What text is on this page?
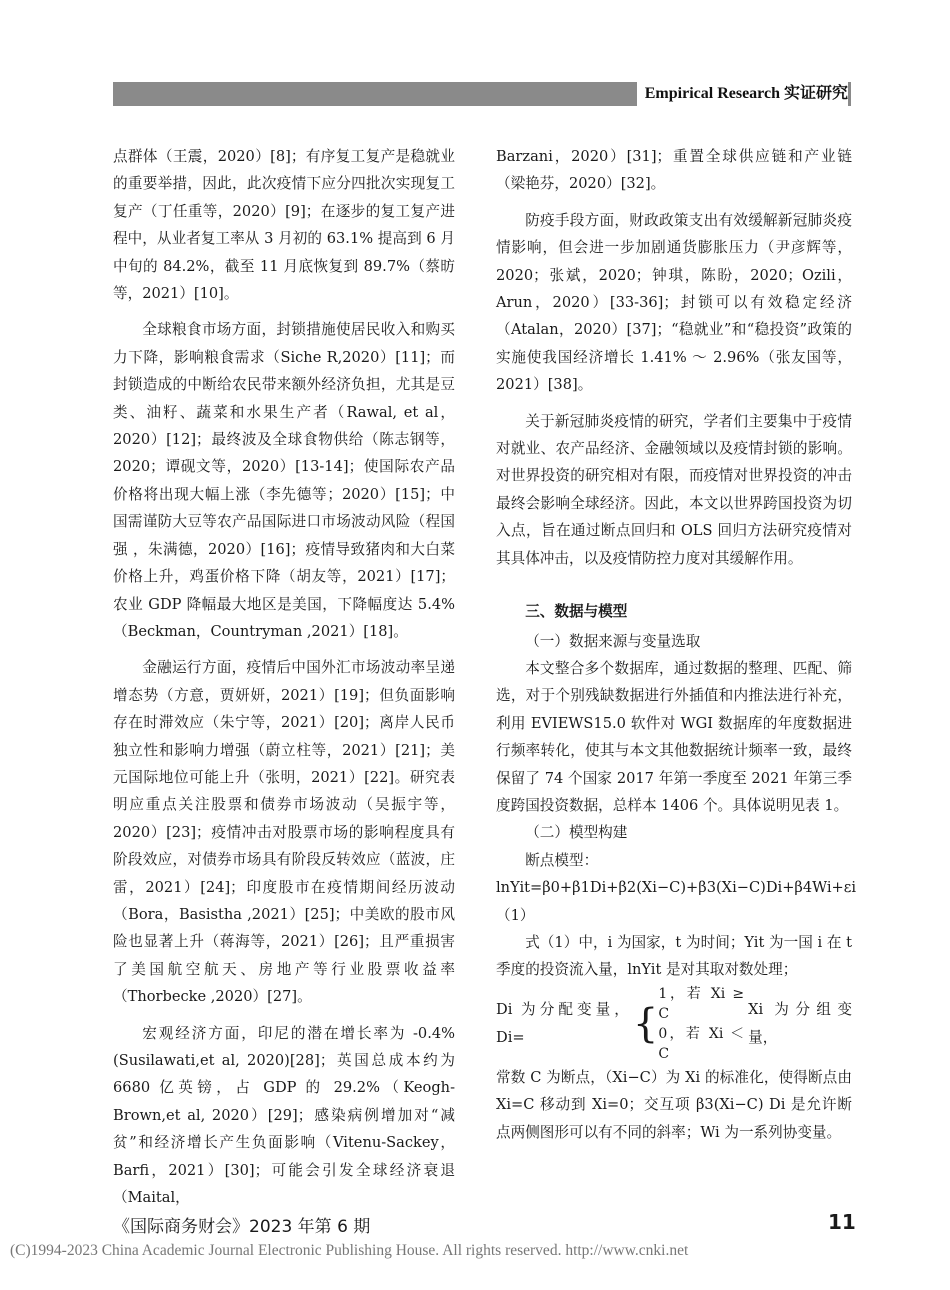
Empirical Research 实证研究

点群体（王震，2020）[8]；有序复工复产是稳就业的重要举措，因此，此次疫情下应分四批次实现复工复产（丁任重等，2020）[9]；在逐步的复工复产进程中，从业者复工率从 3 月初的 63.1% 提高到 6 月中旬的 84.2%，截至 11 月底恢复到 89.7%（蔡昉等，2021）[10]。

全球粮食市场方面，封锁措施使居民收入和购买力下降，影响粮食需求（Siche R,2020）[11]；而封锁造成的中断给农民带来额外经济负担，尤其是豆类、油籽、蔬菜和水果生产者（Rawal, et al，2020）[12]；最终波及全球食物供给（陈志钢等，2020；谭砚文等，2020）[13-14]；使国际农产品价格将出现大幅上涨（李先德等；2020）[15]；中国需谨防大豆等农产品国际进口市场波动风险（程国强 ，朱满德，2020）[16]；疫情导致猪肉和大白菜价格上升，鸡蛋价格下降（胡友等，2021）[17]；农业 GDP 降幅最大地区是美国，下降幅度达 5.4%（Beckman，Countryman ,2021）[18]。

金融运行方面，疫情后中国外汇市场波动率呈递增态势（方意，贾妍妍，2021）[19]；但负面影响存在时滞效应（朱宁等，2021）[20]；离岸人民币独立性和影响力增强（蔚立柱等，2021）[21]；美元国际地位可能上升（张明，2021）[22]。研究表明应重点关注股票和债券市场波动（吴振宇等，2020）[23]；疫情冲击对股票市场的影响程度具有阶段效应，对债券市场具有阶段反转效应（蓝波，庄雷，2021）[24]；印度股市在疫情期间经历波动（Bora，Basistha ,2021）[25]；中美欧的股市风险也显著上升（蒋海等，2021）[26]；且严重损害了美国航空航天、房地产等行业股票收益率（Thorbecke ,2020）[27]。

宏观经济方面，印尼的潜在增长率为 -0.4%(Susilawati,et al, 2020)[28]；英国总成本约为 6680 亿英镑，占 GDP 的 29.2%（Keogh-Brown,et al, 2020）[29]；感染病例增加对“减贫”和经济增长产生负面影响（Vitenu-Sackey，Barfi，2021）[30]；可能会引发全球经济衰退（Maital，

Barzani，2020）[31]；重置全球供应链和产业链（梁艳芬，2020）[32]。

防疫手段方面，财政政策支出有效缓解新冠肺炎疫情影响，但会进一步加剧通货膨胀压力（尹彦辉等，2020；张斌，2020；钟琪，陈盼，2020；Ozili，Arun，2020）[33-36]；封锁可以有效稳定经济（Atalan，2020）[37]；“稳就业”和“稳投资”政策的实施使我国经济增长 1.41% ～ 2.96%（张友国等，2021）[38]。

关于新冠肺炎疫情的研究，学者们主要集中于疫情对就业、农产品经济、金融领域以及疫情封锁的影响。对世界投资的研究相对有限，而疫情对世界投资的冲击最终会影响全球经济。因此，本文以世界跨国投资为切入点，旨在通过断点回归和 OLS 回归方法研究疫情对其具体冲击，以及疫情防控力度对其缓解作用。

三、数据与模型

（一）数据来源与变量选取

本文整合多个数据库，通过数据的整理、匹配、筛选，对于个别残缺数据进行外插值和内推法进行补充，利用 EVIEWS15.0 软件对 WGI 数据库的年度数据进行频率转化，使其与本文其他数据统计频率一致，最终保留了 74 个国家 2017 年第一季度至 2021 年第三季度跨国投资数据，总样本 1406 个。具体说明见表 1。

（二）模型构建

断点模型：

lnYit=β0+β1Di+β2(Xi−C)+β3(Xi−C)Di+β4Wi+εi（1）

式（1）中，i 为国家，t 为时间；Yit 为一国 i 在 t 季度的投资流入量，lnYit 是对其取对数处理；

Di 为分配变量，Di=	{
1，若 Xi ≥ C
0，若 Xi ＜ C
Xi 为分组变量，

常数 C 为断点，（Xi−C）为 Xi 的标准化，使得断点由 Xi=C 移动到 Xi=0；交互项 β3(Xi−C) Di 是允许断点两侧图形可以有不同的斜率；Wi 为一系列协变量。

《国际商务财会》2023 年第 6 期	11
(C)1994-2023 China Academic Journal Electronic Publishing House. All rights reserved. http://www.cnki.net
